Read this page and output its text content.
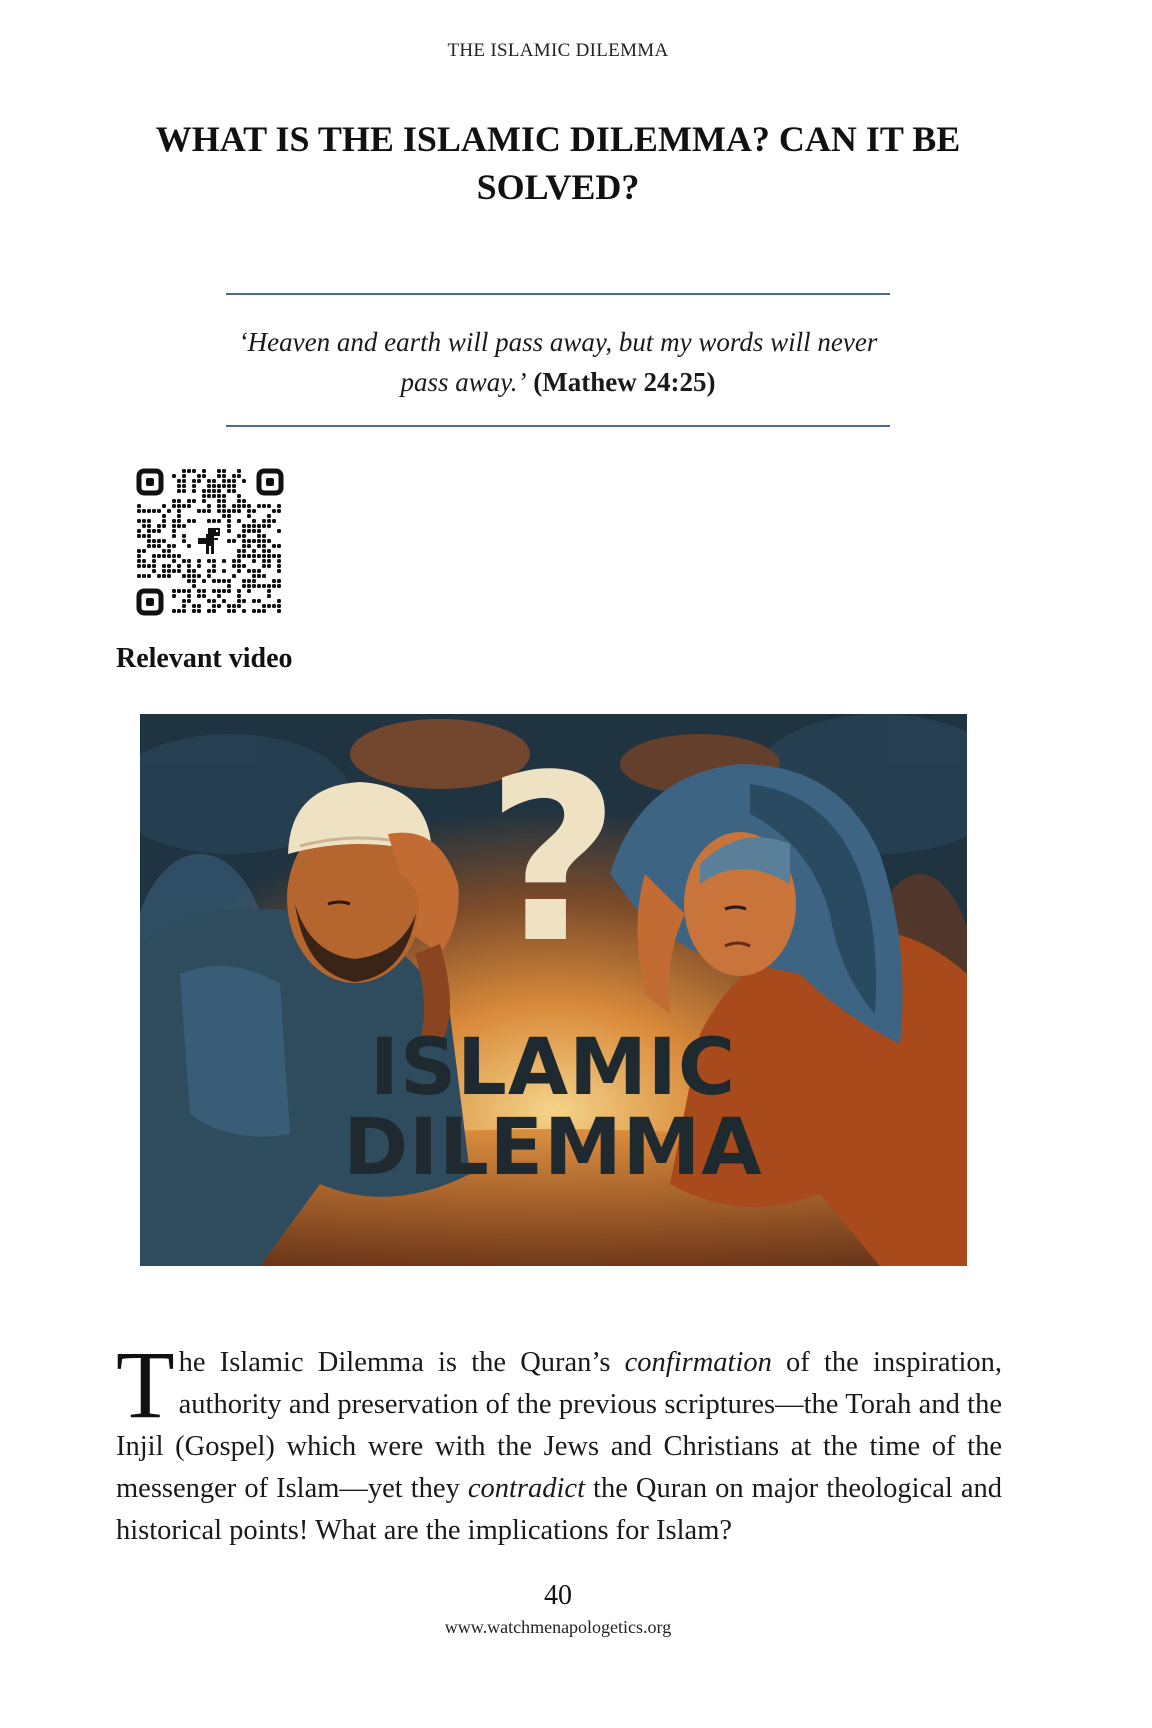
THE ISLAMIC DILEMMA
WHAT IS THE ISLAMIC DILEMMA? CAN IT BE SOLVED?
‘Heaven and earth will pass away, but my words will never pass away.’ (Mathew 24:25)
Relevant video
?
ISLAMIC
DILEMMA

The Islamic Dilemma is the Quran’s confirmation of the inspiration, authority and preservation of the previous scriptures—the Torah and the Injil (Gospel) which were with the Jews and Christians at the time of the messenger of Islam—yet they contradict the Quran on major theological and historical points! What are the implications for Islam?

40
www.watchmenapologetics.org
